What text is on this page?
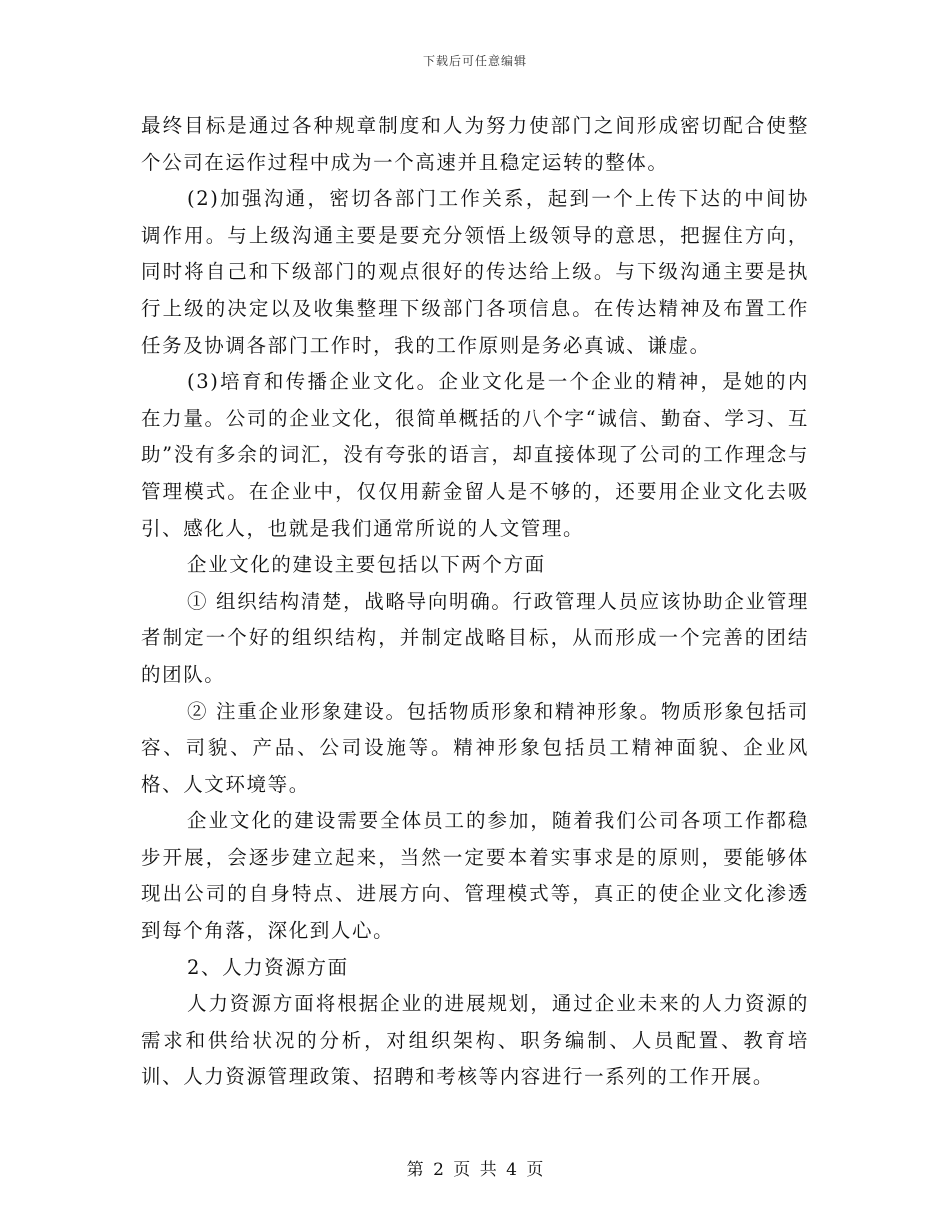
下载后可任意编辑

最终目标是通过各种规章制度和人为努力使部门之间形成密切配合使整个公司在运作过程中成为一个高速并且稳定运转的整体。

(2)加强沟通，密切各部门工作关系，起到一个上传下达的中间协调作用。与上级沟通主要是要充分领悟上级领导的意思，把握住方向，同时将自己和下级部门的观点很好的传达给上级。与下级沟通主要是执行上级的决定以及收集整理下级部门各项信息。在传达精神及布置工作任务及协调各部门工作时，我的工作原则是务必真诚、谦虚。

(3)培育和传播企业文化。企业文化是一个企业的精神，是她的内在力量。公司的企业文化，很简单概括的八个字“诚信、勤奋、学习、互助”没有多余的词汇，没有夸张的语言，却直接体现了公司的工作理念与管理模式。在企业中，仅仅用薪金留人是不够的，还要用企业文化去吸引、感化人，也就是我们通常所说的人文管理。

企业文化的建设主要包括以下两个方面

① 组织结构清楚，战略导向明确。行政管理人员应该协助企业管理者制定一个好的组织结构，并制定战略目标，从而形成一个完善的团结的团队。

② 注重企业形象建设。包括物质形象和精神形象。物质形象包括司容、司貌、产品、公司设施等。精神形象包括员工精神面貌、企业风格、人文环境等。

企业文化的建设需要全体员工的参加，随着我们公司各项工作都稳步开展，会逐步建立起来，当然一定要本着实事求是的原则，要能够体现出公司的自身特点、进展方向、管理模式等，真正的使企业文化渗透到每个角落，深化到人心。

2、人力资源方面

人力资源方面将根据企业的进展规划，通过企业未来的人力资源的需求和供给状况的分析，对组织架构、职务编制、人员配置、教育培训、人力资源管理政策、招聘和考核等内容进行一系列的工作开展。

第 2 页 共 4 页
